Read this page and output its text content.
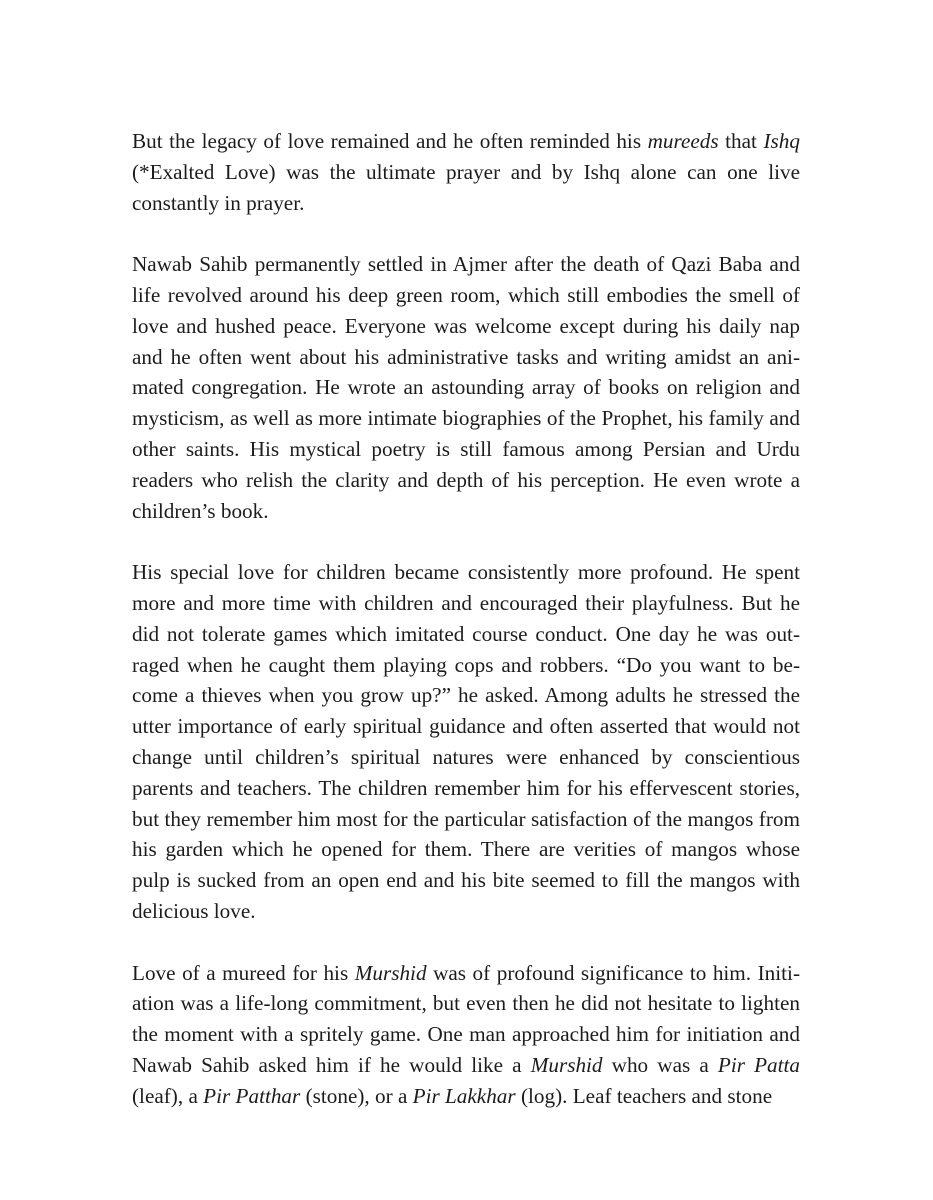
But the legacy of love remained and he often reminded his mureeds that Ishq (*Exalted Love) was the ultimate prayer and by Ishq alone can one live constantly in prayer.

Nawab Sahib permanently settled in Ajmer after the death of Qazi Baba and life revolved around his deep green room, which still embodies the smell of love and hushed peace. Everyone was welcome except during his daily nap and he often went about his administrative tasks and writing amidst an animated congregation. He wrote an astounding array of books on religion and mysticism, as well as more intimate biographies of the Prophet, his family and other saints. His mystical poetry is still famous among Persian and Urdu readers who relish the clarity and depth of his perception. He even wrote a children’s book.

His special love for children became consistently more profound. He spent more and more time with children and encouraged their playfulness. But he did not tolerate games which imitated course conduct. One day he was outraged when he caught them playing cops and robbers. “Do you want to become a thieves when you grow up?” he asked. Among adults he stressed the utter importance of early spiritual guidance and often asserted that would not change until children’s spiritual natures were enhanced by conscientious parents and teachers. The children remember him for his effervescent stories, but they remember him most for the particular satisfaction of the mangos from his garden which he opened for them. There are verities of mangos whose pulp is sucked from an open end and his bite seemed to fill the mangos with delicious love.

Love of a mureed for his Murshid was of profound significance to him. Initiation was a life-long commitment, but even then he did not hesitate to lighten the moment with a spritely game. One man approached him for initiation and Nawab Sahib asked him if he would like a Murshid who was a Pir Patta (leaf), a Pir Patthar (stone), or a Pir Lakkhar (log). Leaf teachers and stone
